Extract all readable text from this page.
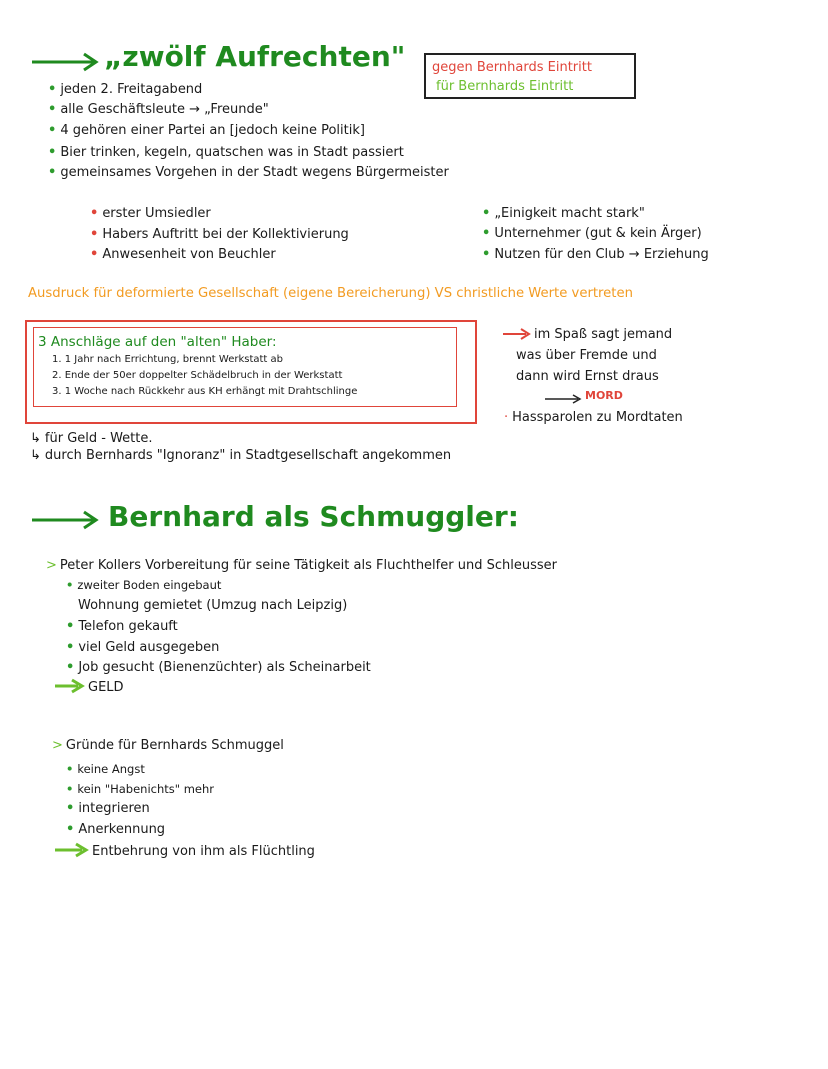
„zwölf Aufrechten" gegen Bernhards Eintritt
für Bernhards Eintritt
• jeden 2. Freitagabend
• alle Geschäftsleute → „Freunde"
• 4 gehören einer Partei an [jedoch keine Politik]
• Bier trinken, kegeln, quatschen was in Stadt passiert
• gemeinsames Vorgehen in der Stadt wegens Bürgermeister
• erster Umsiedler
• Habers Auftritt bei der Kollektivierung
• Anwesenheit von Beuchler
• „Einigkeit macht stark"
• Unternehmer (gut & kein Ärger)
• Nutzen für den Club → Erziehung
Ausdruck für deformierte Gesellschaft (eigene Bereicherung) VS christliche Werte vertreten
3 Anschläge auf den "alten" Haber:
1. 1 Jahr nach Errichtung, brennt Werkstatt ab
2. Ende der 50er doppelter Schädelbruch in der Werkstatt
3. 1 Woche nach Rückkehr aus KH erhängt mit Drahtschlinge
im Spaß sagt jemand
was über Fremde und
dann wird Ernst draus
MORD
· Hassparolen zu Mordtaten
↳ für Geld - Wette.
↳ durch Bernhards "Ignoranz" in Stadtgesellschaft angekommen
Bernhard als Schmuggler:
> Peter Kollers Vorbereitung für seine Tätigkeit als Fluchthelfer und Schleusser
• zweiter Boden eingebaut
Wohnung gemietet (Umzug nach Leipzig)
• Telefon gekauft
• viel Geld ausgegeben
• Job gesucht (Bienenzüchter) als Scheinarbeit
GELD
> Gründe für Bernhards Schmuggel
• keine Angst
• kein "Habenichts" mehr
• integrieren
• Anerkennung
Entbehrung von ihm als Flüchtling
